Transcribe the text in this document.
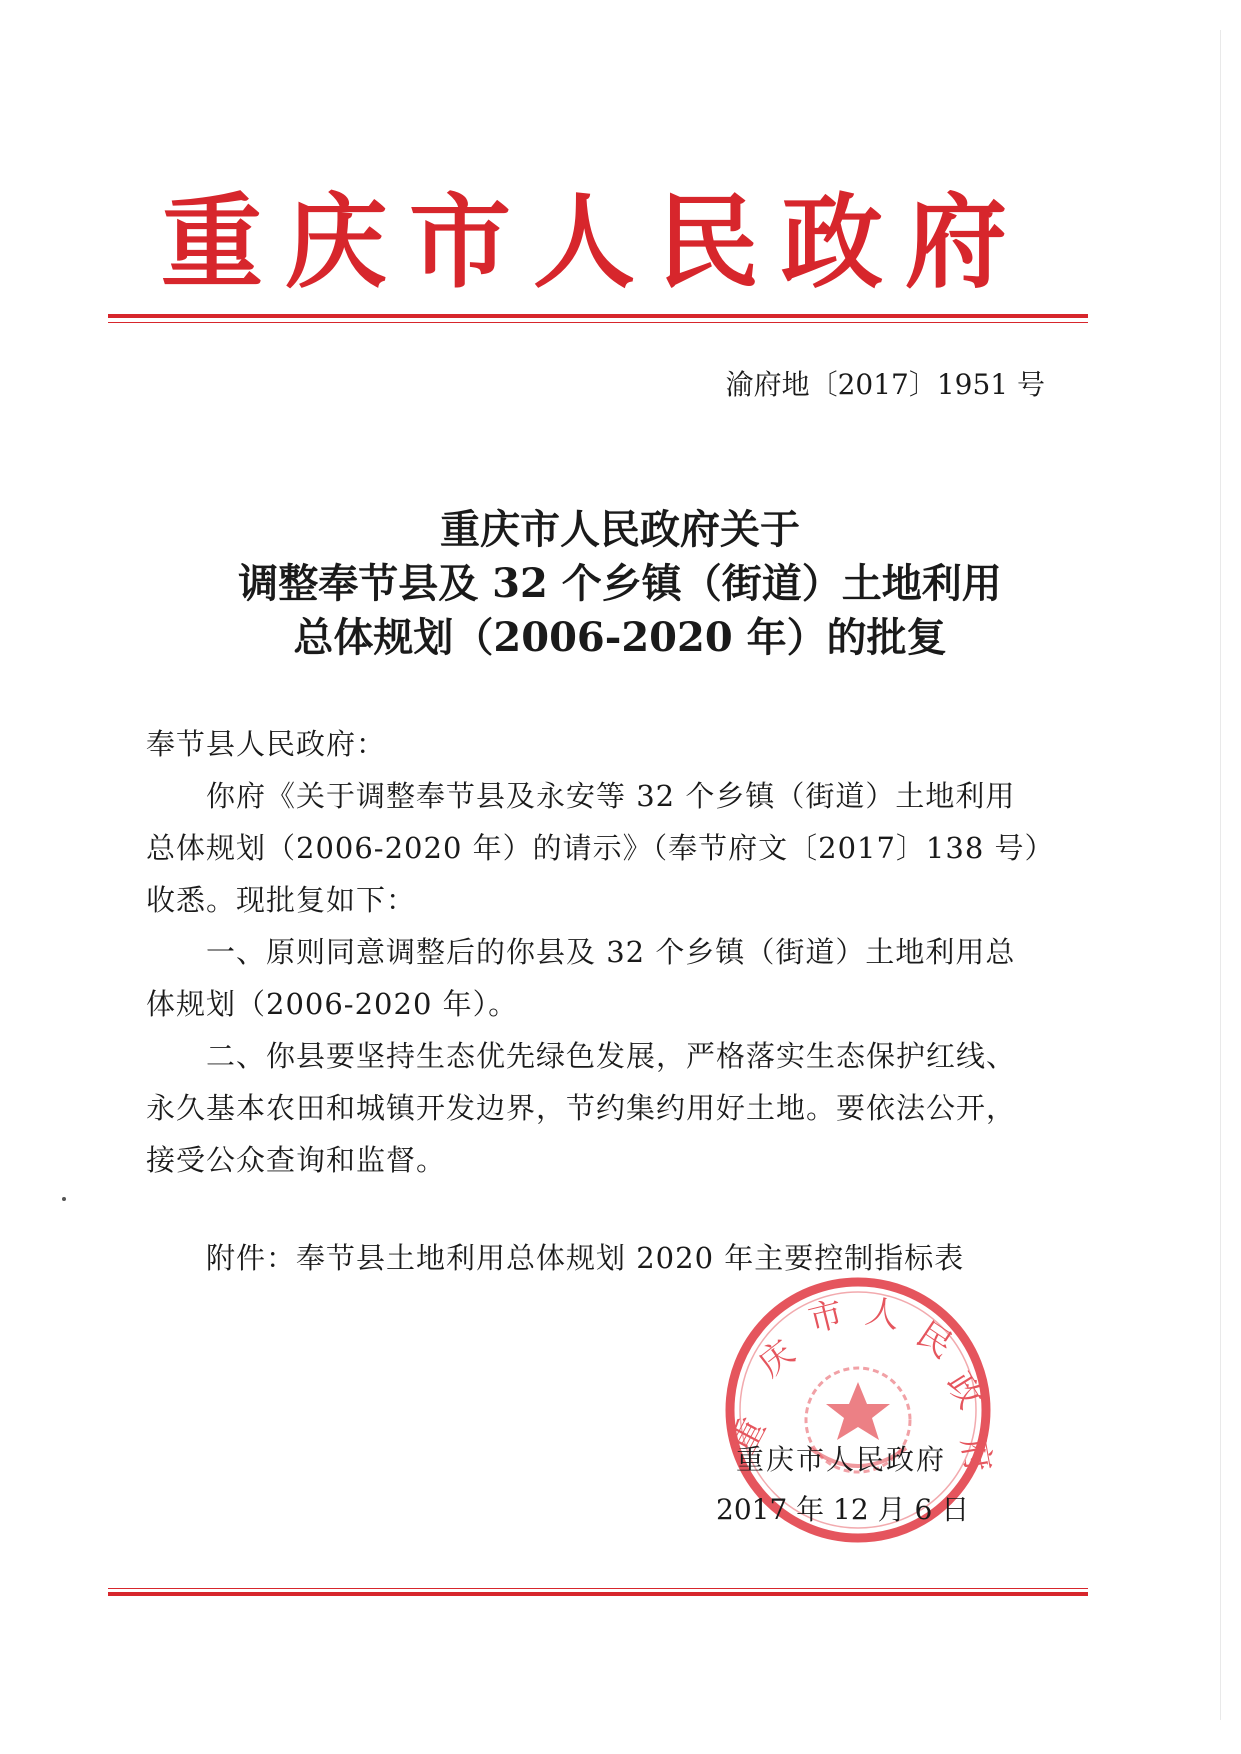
重庆市人民政府
渝府地〔2017〕1951 号
重庆市人民政府关于
调整奉节县及 32 个乡镇（街道）土地利用
总体规划（2006-2020 年）的批复
奉节县人民政府：
你府《关于调整奉节县及永安等 32 个乡镇（街道）土地利用
总体规划（2006-2020 年）的请示》（奉节府文〔2017〕138 号）
收悉。现批复如下：
一、原则同意调整后的你县及 32 个乡镇（街道）土地利用总
体规划（2006-2020 年）。
二、你县要坚持生态优先绿色发展，严格落实生态保护红线、
永久基本农田和城镇开发边界，节约集约用好土地。要依法公开，
接受公众查询和监督。
附件：奉节县土地利用总体规划 2020 年主要控制指标表
重
庆
市 人
民
政
府
重庆市人民政府
2017 年 12 月 6 日
